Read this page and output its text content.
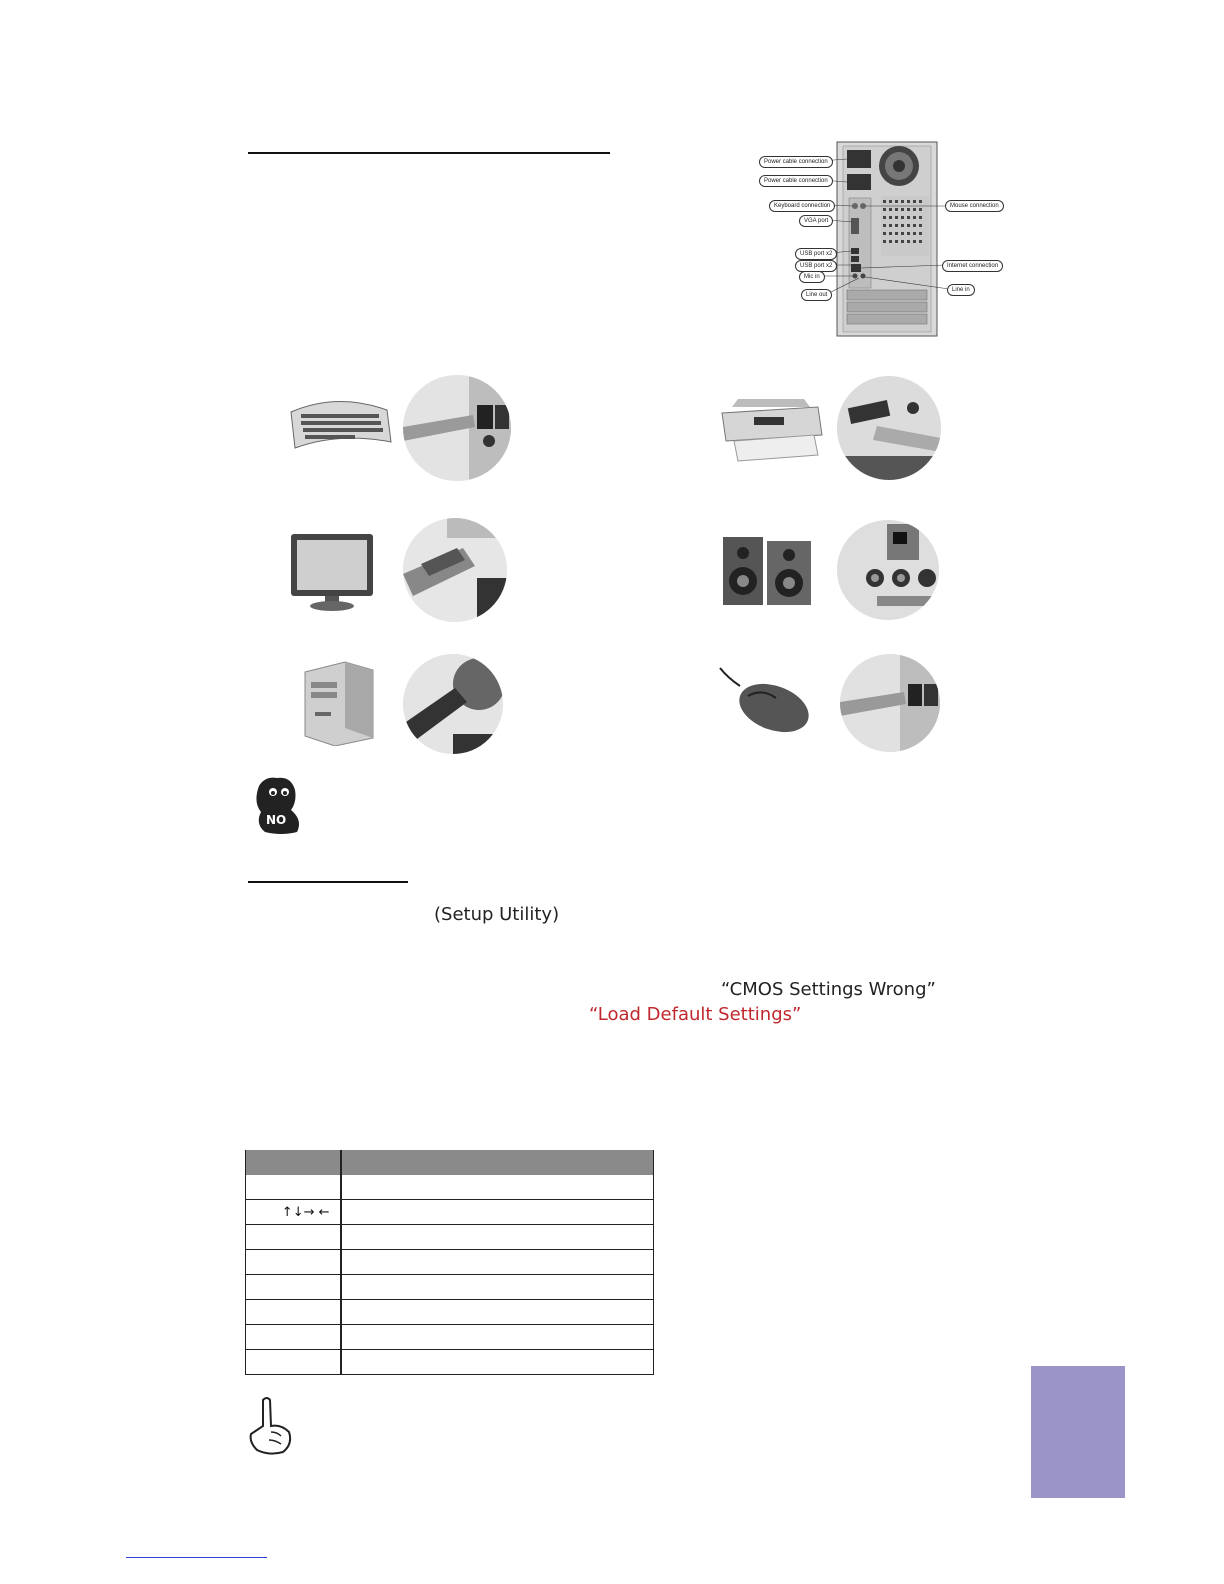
Power cable connection
Power cable connection
Keyboard connection
VGA port
USB port x2
USB port x2
Mic in
Line out
Mouse connection
Internet connection
Line in
NO
(Setup Utility)
“CMOS Settings Wrong”
“Load Default Settings”

↑↓→ ←	
